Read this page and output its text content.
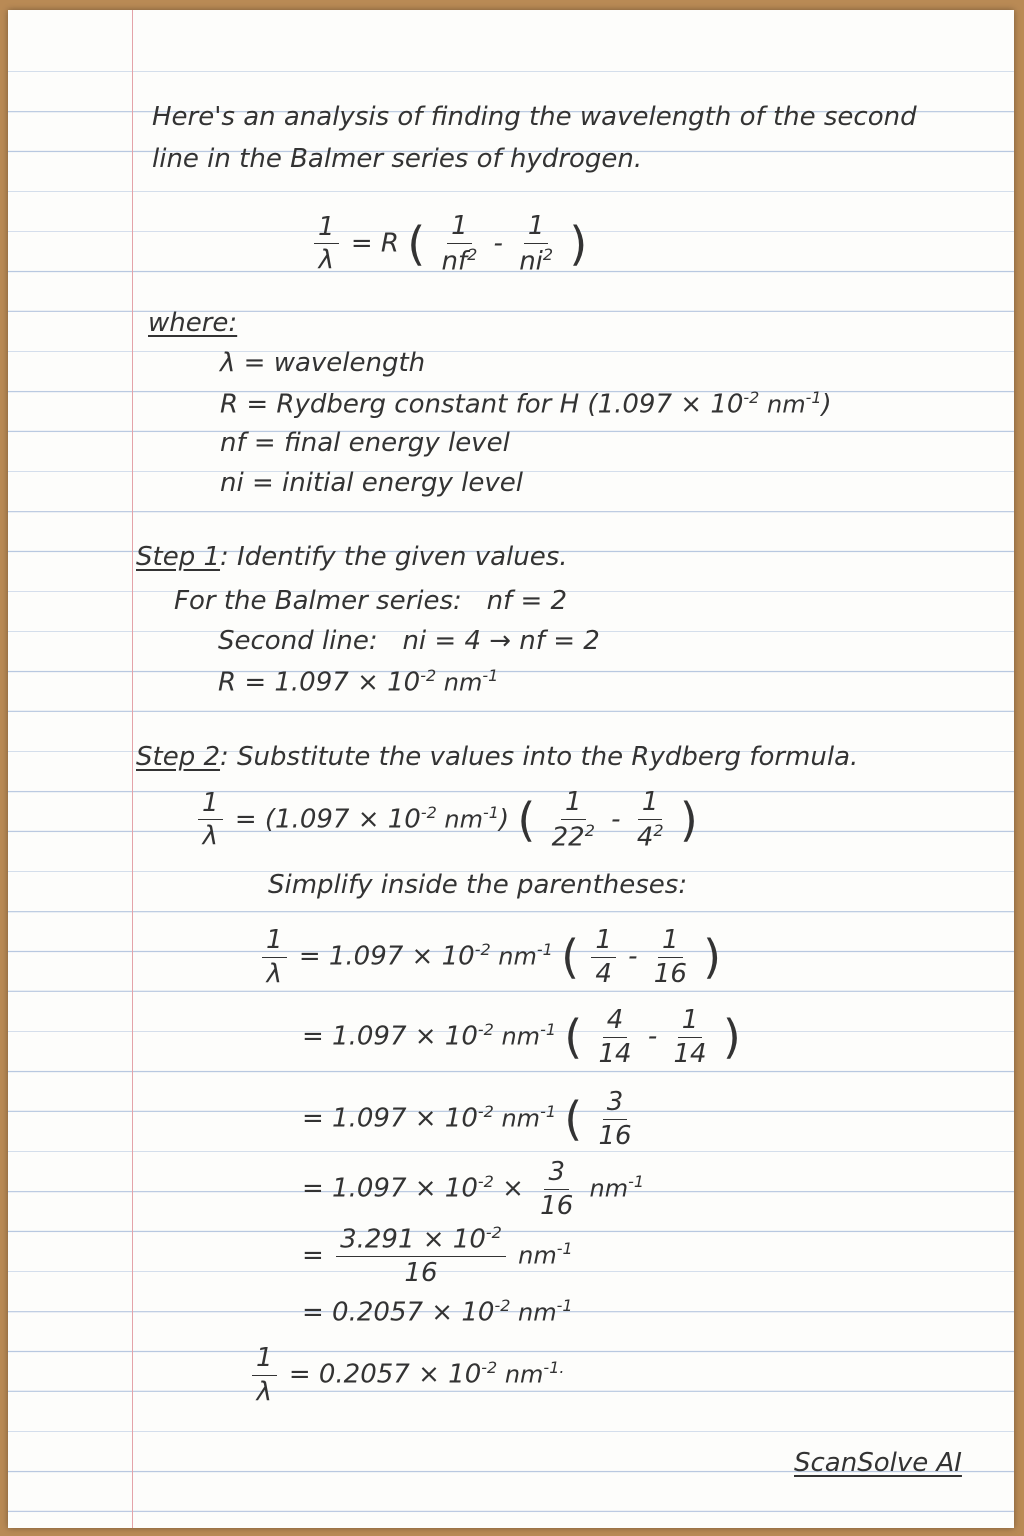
Here's an analysis of finding the wavelength of the second
line in the Balmer series of hydrogen.
$\frac{1}{\lambda} = R$ ( $\frac{1}{nf^2} - \frac{1}{ni^2}$ )
where:
λ = wavelength
R = Rydberg constant for H ($1.097 \times 10^{-2}$ $nm^{-1}$)
nf = final energy level
ni = initial energy level
Step 1: Identify the given values.
For the Balmer series: nf = 2
Second line: ni = 4 → nf = 2
$R = 1.097 \times 10^{-2}$ $nm^{-1}$
Step 2: Substitute the values into the Rydberg formula.
$\frac{1}{\lambda} = (1.097 \times 10^{-2}$ $nm^{-1}$) ( $\frac{1}{22^2} - \frac{1}{4^2}$ )
Simplify inside the parentheses:
$\frac{1}{\lambda} = 1.097 \times 10^{-2}$ $nm^{-1}$ ( $\frac{1}{4} - \frac{1}{16}$ )
= $1.097 \times 10^{-2}$ $nm^{-1}$ ( $\frac{4}{14} - \frac{1}{14}$ )
= $1.097 \times 10^{-2}$ $nm^{-1}$ ( $\frac{3}{16}$
= $1.097 \times 10^{-2} \times \frac{3}{16} nm^{-1}$
= $\frac{3.291 \times 10^{-2}}{16} nm^{-1}$
= $0.2057 \times 10^{-2}$ $nm^{-1}$
$\frac{1}{\lambda} = 0.2057 \times 10^{-2}$ $nm^{-1.}$
ScanSolve AI
